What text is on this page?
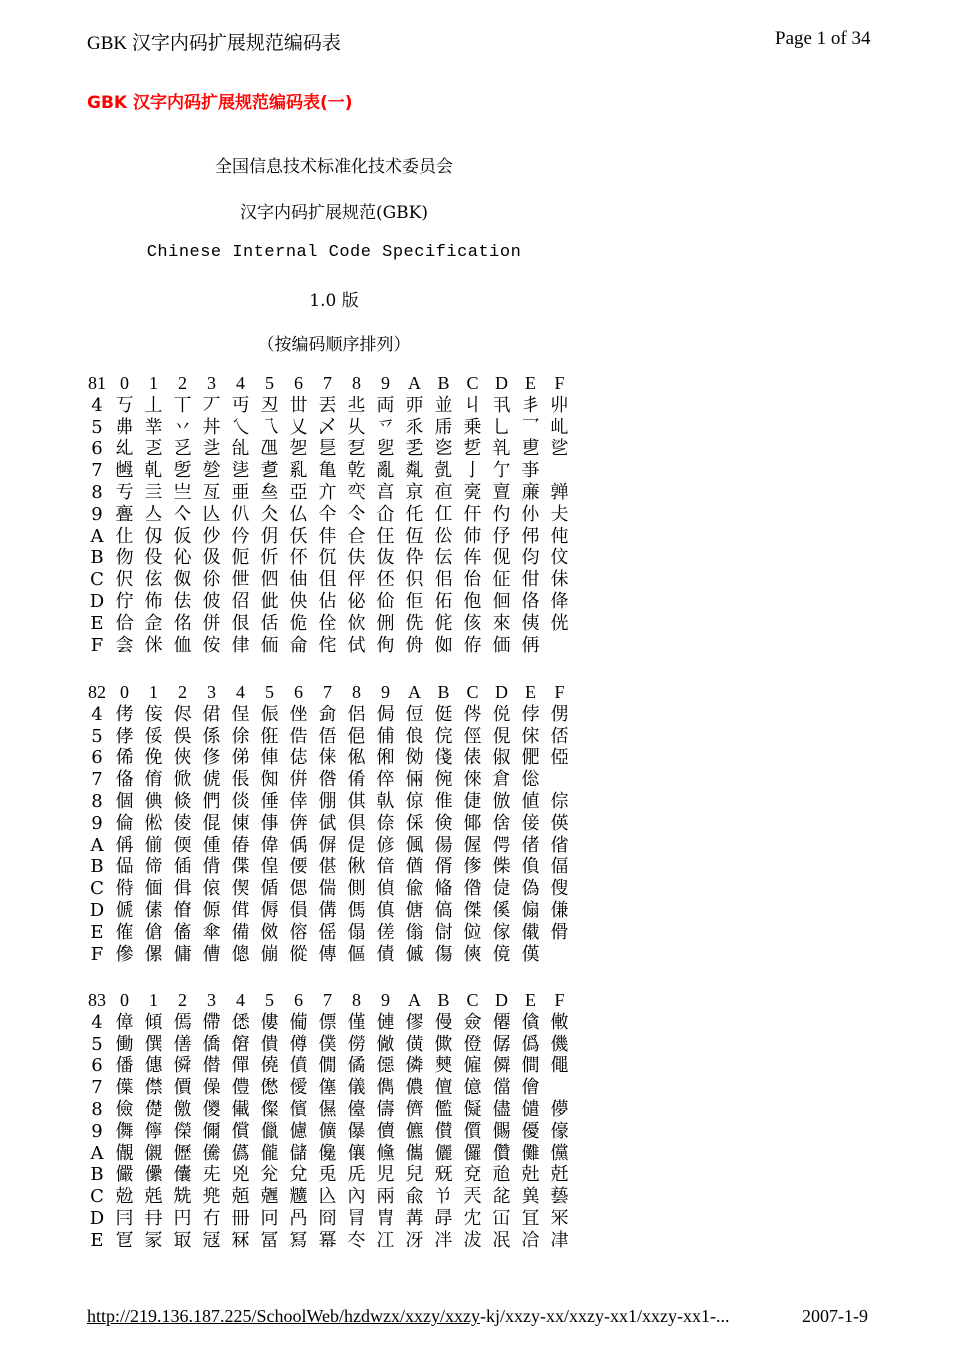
GBK 汉字内码扩展规范编码表	Page 1 of 34
GBK 汉字内码扩展规范编码表(一)
全国信息技术标准化技术委员会
汉字内码扩展规范(GBK)
Chinese Internal Code Specification
1.0 版
（按编码顺序排列）
81 0 1 2 3 4 5 6 7 8 9 A B C D E F
4 丂 丄 丅 丆 丏 丒 丗 丟 丠 両 丣 並 丩 丮 丯 丱
5 丳 丵 丷 丼 乀 乁 乂 乄 乆 乊 乑 乕 乗 乚 乛 乢
6 乣 乤 乥 乧 乨 乪 乫 乬 乭 乮 乯 乲 乴 乵 乶 乷
7 乸 乹 乺 乻 乼 乽 乿 亀 亁 亂 亃 亄 亅 亇 亊
8 亐 亖 亗 亙 亜 亝 亞 亣 亪 亯 亰 亱 亴 亶 亷 亸
9 亹 亼 亽 亾 仈 仌 仏 仐 仒 仚 仛 仜 仠 仢 仦 仧
A 仩 仭 仮 仯 仱 仴 仸 仹 仺 仼 仾 伀 伂 伃 伄 伅
B 伆 伇 伈 伋 伌 伒 伓 伔 伕 伖 伜 伝 伡 伣 伨 伩
C 伬 伭 伮 伱 伳 伵 伷 伹 伻 伾 伿 佀 佁 佂 佄 佅
D 佇 佈 佉 佊 佋 佌 佒 佔 佖 佡 佢 佦 佨 佪 佫 佭
E 佮 佱 佲 併 佷 佸 佹 佺 佽 侀 侁 侂 侅 來 侇 侊
F 侌 侎 侐 侒 侓 侕 侖 侘 侙 侚 侜 侞 侟 価 侢
82 0 1 2 3 4 5 6 7 8 9 A B C D E F
4 侤 侫 侭 侰 侱 侲 侳 侴 侶 侷 侸 侹 侺 侻 侼 侽
5 侾 俀 俁 係 俆 俇 俈 俉 俋 俌 俍 俒 俓 俔 俕 俖
6 俙 俛 俠 俢 俤 俥 俧 俫 俬 俰 俲 俴 俵 俶 俷 俹
7 俻 俼 俽 俿 倀 倁 倂 倃 倄 倅 倆 倇 倈 倉 倊
8 個 倎 倐 們 倓 倕 倖 倗 倛 倝 倞 倠 倢 倣 値 倧
9 倫 倯 倰 倱 倲 倳 倴 倵 倶 倷 倸 倹 倻 倽 倿 偀
A 偁 偂 偄 偅 偆 偉 偊 偋 偍 偐 偑 偒 偓 偔 偖 偗
B 偘 偙 偛 偝 偞 偟 偠 偡 偢 偣 偤 偦 偧 偨 偩 偪
C 偫 偭 偮 偯 偰 偱 偲 偳 側 偵 偸 偹 偺 偼 偽 傁
D 傂 傃 傄 傆 傇 傉 傊 傋 傌 傎 傏 傐 傑 傒 傓 傔
E 傕 傖 傗 傘 備 傚 傛 傜 傝 傞 傟 傠 傡 傢 傤 傦
F 傪 傫 傭 傮 傯 傰 傱 傳 傴 債 傶 傷 傸 傹 傼
83 0 1 2 3 4 5 6 7 8 9 A B C D E F
4 傽 傾 傿 僀 僁 僂 僃 僄 僅 僆 僇 僈 僉 僊 僋 僌
5 働 僎 僐 僑 僒 僓 僔 僕 僗 僘 僙 僛 僜 僝 僞 僟
6 僠 僡 僢 僣 僤 僥 僨 僩 僪 僫 僯 僰 僱 僲 僴 僶
7 僷 僸 價 僺 僼 僽 僾 僿 儀 儁 儂 儃 億 儅 儈
8 儉 儊 儌 儍 儎 儏 儐 儑 儓 儔 儕 儖 儗 儘 儙 儚
9 儛 儜 儝 儞 償 儠 儢 儣 儤 儥 儦 儧 儨 儩 優 儫
A 儬 儭 儮 儯 儰 儱 儲 儳 儴 儵 儶 儷 儸 儹 儺 儻
B 儼 儽 儾 兂 兇 兊 兌 兎 兏 児 兒 兓 兗 兘 兙 兛
C 兝 兞 兟 兠 兡 兣 兤 兦 內 兩 兪 兯 兲 兺 兾 兿
D 冃 冄 円 冇 冊 冋 冎 冏 冐 冑 冓 冔 冘 冚 冝 冞
E 冟 冡 冣 冦 冧 冨 冩 冪 冭 冮 冴 冸 冹 冺 冾 冿
http://219.136.187.225/SchoolWeb/hzdwzx/xxzy/xxzy-kj/xxzy-xx/xxzy-xx1/xxzy-xx1-...	2007-1-9
